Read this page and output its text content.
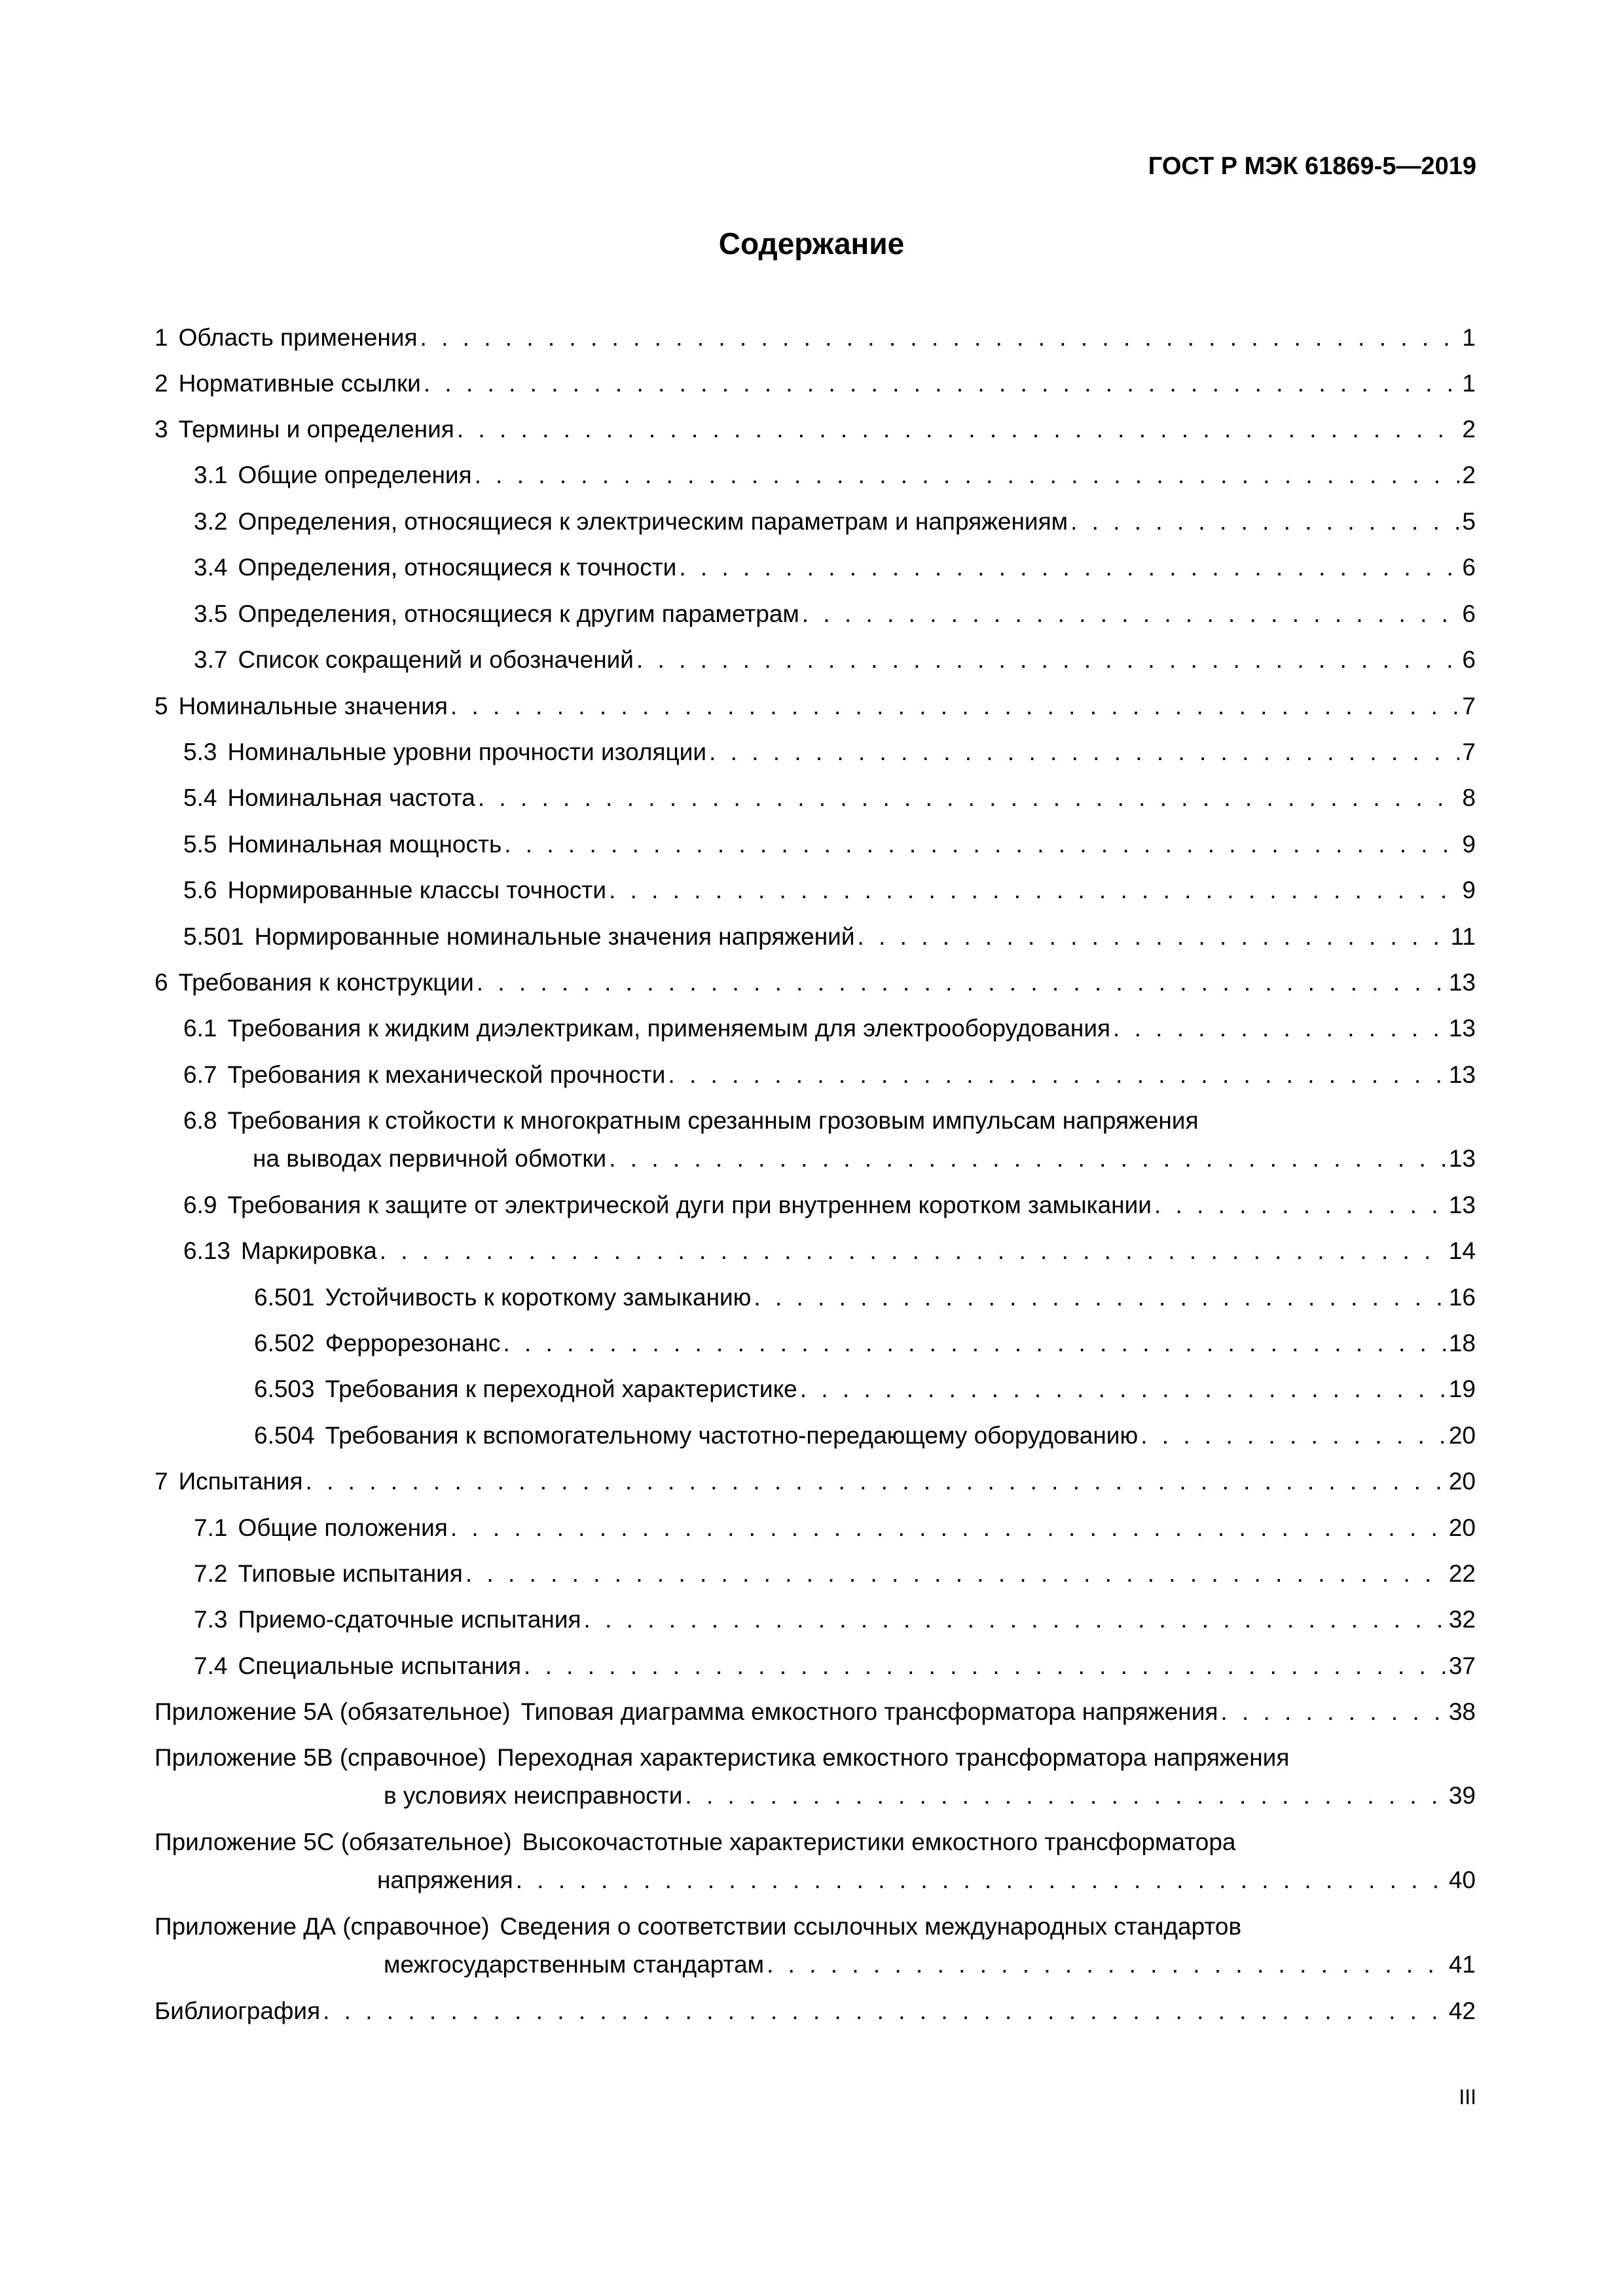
ГОСТ Р МЭК 61869-5—2019
Содержание
1 Область применения . . .	1
2 Нормативные ссылки . . .	1
3 Термины и определения . . .	2
3.1 Общие определения . . .	2
3.2 Определения, относящиеся к электрическим параметрам и напряжениям . . .	5
3.4 Определения, относящиеся к точности . . .	6
3.5 Определения, относящиеся к другим параметрам . . .	6
3.7 Список сокращений и обозначений . . .	6
5 Номинальные значения . . .	7
5.3 Номинальные уровни прочности изоляции . . .	7
5.4 Номинальная частота . . .	8
5.5 Номинальная мощность . . .	9
5.6 Нормированные классы точности . . .	9
5.501 Нормированные номинальные значения напряжений . . .	11
6 Требования к конструкции . . .	13
6.1 Требования к жидким диэлектрикам, применяемым для электрооборудования . . .	13
6.7 Требования к механической прочности . . .	13
6.8 Требования к стойкости к многократным срезанным грозовым импульсам напряжения
на выводах первичной обмотки . . .	13
6.9 Требования к защите от электрической дуги при внутреннем коротком замыкании . . .	13
6.13 Маркировка . . .	14
6.501 Устойчивость к короткому замыканию . . .	16
6.502 Феррорезонанс . . .	18
6.503 Требования к переходной характеристике . . .	19
6.504 Требования к вспомогательному частотно-передающему оборудованию . . .	20
7 Испытания . . .	20
7.1 Общие положения . . .	20
7.2 Типовые испытания . . .	22
7.3 Приемо-сдаточные испытания . . .	32
7.4 Специальные испытания . . .	37
Приложение 5А (обязательное) Типовая диаграмма емкостного трансформатора напряжения . . .	38
Приложение 5В (справочное) Переходная характеристика емкостного трансформатора напряжения
в условиях неисправности . . .	39
Приложение 5С (обязательное) Высокочастотные характеристики емкостного трансформатора
напряжения . . .	40
Приложение ДА (справочное) Сведения о соответствии ссылочных международных стандартов
межгосударственным стандартам . . .	41
Библиография . . .	42
III
